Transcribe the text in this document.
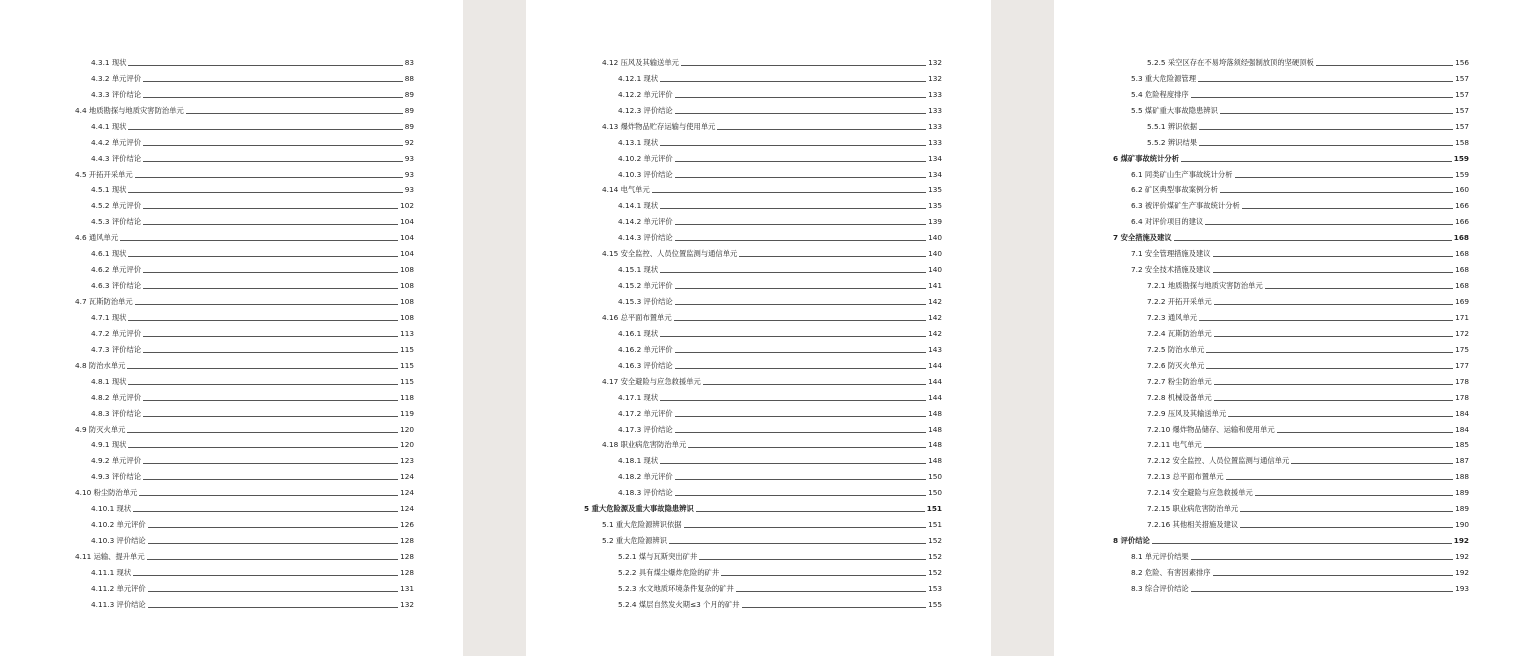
4.3.1 现状	83
4.3.2 单元评价	88
4.3.3 评价结论	89
4.4 地质勘探与地质灾害防治单元	89
4.4.1 现状	89
4.4.2 单元评价	92
4.4.3 评价结论	93
4.5 开拓开采单元	93
4.5.1 现状	93
4.5.2 单元评价	102
4.5.3 评价结论	104
4.6 通风单元	104
4.6.1 现状	104
4.6.2 单元评价	108
4.6.3 评价结论	108
4.7 瓦斯防治单元	108
4.7.1 现状	108
4.7.2 单元评价	113
4.7.3 评价结论	115
4.8 防治水单元	115
4.8.1 现状	115
4.8.2 单元评价	118
4.8.3 评价结论	119
4.9 防灭火单元	120
4.9.1 现状	120
4.9.2 单元评价	123
4.9.3 评价结论	124
4.10 粉尘防治单元	124
4.10.1 现状	124
4.10.2 单元评价	126
4.10.3 评价结论	128
4.11 运输、提升单元	128
4.11.1 现状	128
4.11.2 单元评价	131
4.11.3 评价结论	132
4.12 压风及其输送单元	132
4.12.1 现状	132
4.12.2 单元评价	133
4.12.3 评价结论	133
4.13 爆炸物品贮存运输与使用单元	133
4.13.1 现状	133
4.10.2 单元评价	134
4.10.3 评价结论	134
4.14 电气单元	135
4.14.1 现状	135
4.14.2 单元评价	139
4.14.3 评价结论	140
4.15 安全监控、人员位置监测与通信单元	140
4.15.1 现状	140
4.15.2 单元评价	141
4.15.3 评价结论	142
4.16 总平面布置单元	142
4.16.1 现状	142
4.16.2 单元评价	143
4.16.3 评价结论	144
4.17 安全避险与应急救援单元	144
4.17.1 现状	144
4.17.2 单元评价	148
4.17.3 评价结论	148
4.18 职业病危害防治单元	148
4.18.1 现状	148
4.18.2 单元评价	150
4.18.3 评价结论	150
5 重大危险源及重大事故隐患辨识	151
5.1 重大危险源辨识依据	151
5.2 重大危险源辨识	152
5.2.1 煤与瓦斯突出矿井	152
5.2.2 具有煤尘爆炸危险的矿井	152
5.2.3 水文地质环境条件复杂的矿井	153
5.2.4 煤层自然发火期≤3 个月的矿井	155
5.2.5 采空区存在不易垮落须经强制放顶的坚硬顶板	156
5.3 重大危险源管理	157
5.4 危险程度排序	157
5.5 煤矿重大事故隐患辨识	157
5.5.1 辨识依据	157
5.5.2 辨识结果	158
6 煤矿事故统计分析	159
6.1 同类矿山生产事故统计分析	159
6.2 矿区典型事故案例分析	160
6.3 被评价煤矿生产事故统计分析	166
6.4 对评价项目的建议	166
7 安全措施及建议	168
7.1 安全管理措施及建议	168
7.2 安全技术措施及建议	168
7.2.1 地质勘探与地质灾害防治单元	168
7.2.2 开拓开采单元	169
7.2.3 通风单元	171
7.2.4 瓦斯防治单元	172
7.2.5 防治水单元	175
7.2.6 防灭火单元	177
7.2.7 粉尘防治单元	178
7.2.8 机械设备单元	178
7.2.9 压风及其输送单元	184
7.2.10 爆炸物品储存、运输和使用单元	184
7.2.11 电气单元	185
7.2.12 安全监控、人员位置监测与通信单元	187
7.2.13 总平面布置单元	188
7.2.14 安全避险与应急救援单元	189
7.2.15 职业病危害防治单元	189
7.2.16 其他相关措施及建议	190
8 评价结论	192
8.1 单元评价结果	192
8.2 危险、有害因素排序	192
8.3 综合评价结论	193
